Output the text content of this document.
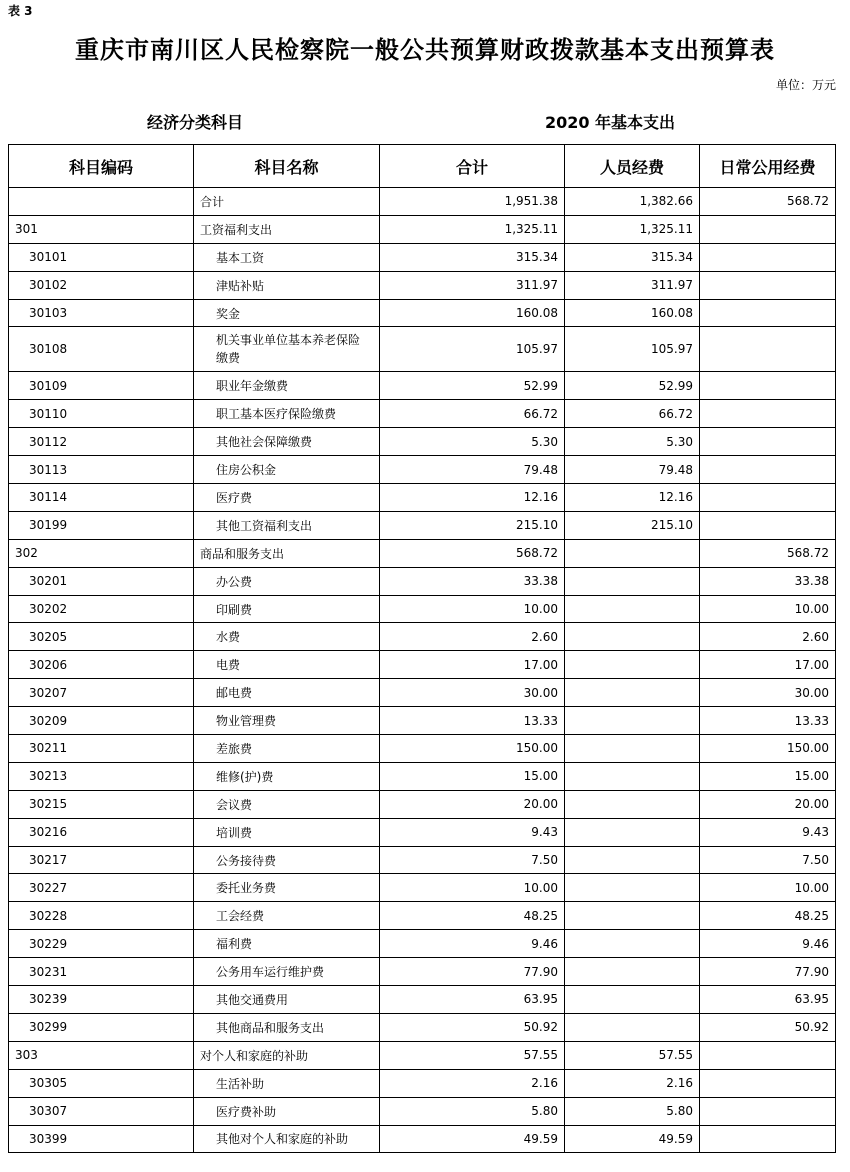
表 3
重庆市南川区人民检察院一般公共预算财政拨款基本支出预算表
单位：万元
经济分类科目	2020 年基本支出
科目编码	科目名称	合计	人员经费	日常公用经费
	合计	1,951.38	1,382.66	568.72
301	工资福利支出	1,325.11	1,325.11	
30101	基本工资	315.34	315.34	
30102	津贴补贴	311.97	311.97	
30103	奖金	160.08	160.08	
30108	机关事业单位基本养老保险缴费	105.97	105.97	
30109	职业年金缴费	52.99	52.99	
30110	职工基本医疗保险缴费	66.72	66.72	
30112	其他社会保障缴费	5.30	5.30	
30113	住房公积金	79.48	79.48	
30114	医疗费	12.16	12.16	
30199	其他工资福利支出	215.10	215.10	
302	商品和服务支出	568.72		568.72
30201	办公费	33.38		33.38
30202	印刷费	10.00		10.00
30205	水费	2.60		2.60
30206	电费	17.00		17.00
30207	邮电费	30.00		30.00
30209	物业管理费	13.33		13.33
30211	差旅费	150.00		150.00
30213	维修(护)费	15.00		15.00
30215	会议费	20.00		20.00
30216	培训费	9.43		9.43
30217	公务接待费	7.50		7.50
30227	委托业务费	10.00		10.00
30228	工会经费	48.25		48.25
30229	福利费	9.46		9.46
30231	公务用车运行维护费	77.90		77.90
30239	其他交通费用	63.95		63.95
30299	其他商品和服务支出	50.92		50.92
303	对个人和家庭的补助	57.55	57.55	
30305	生活补助	2.16	2.16	
30307	医疗费补助	5.80	5.80	
30399	其他对个人和家庭的补助	49.59	49.59	
